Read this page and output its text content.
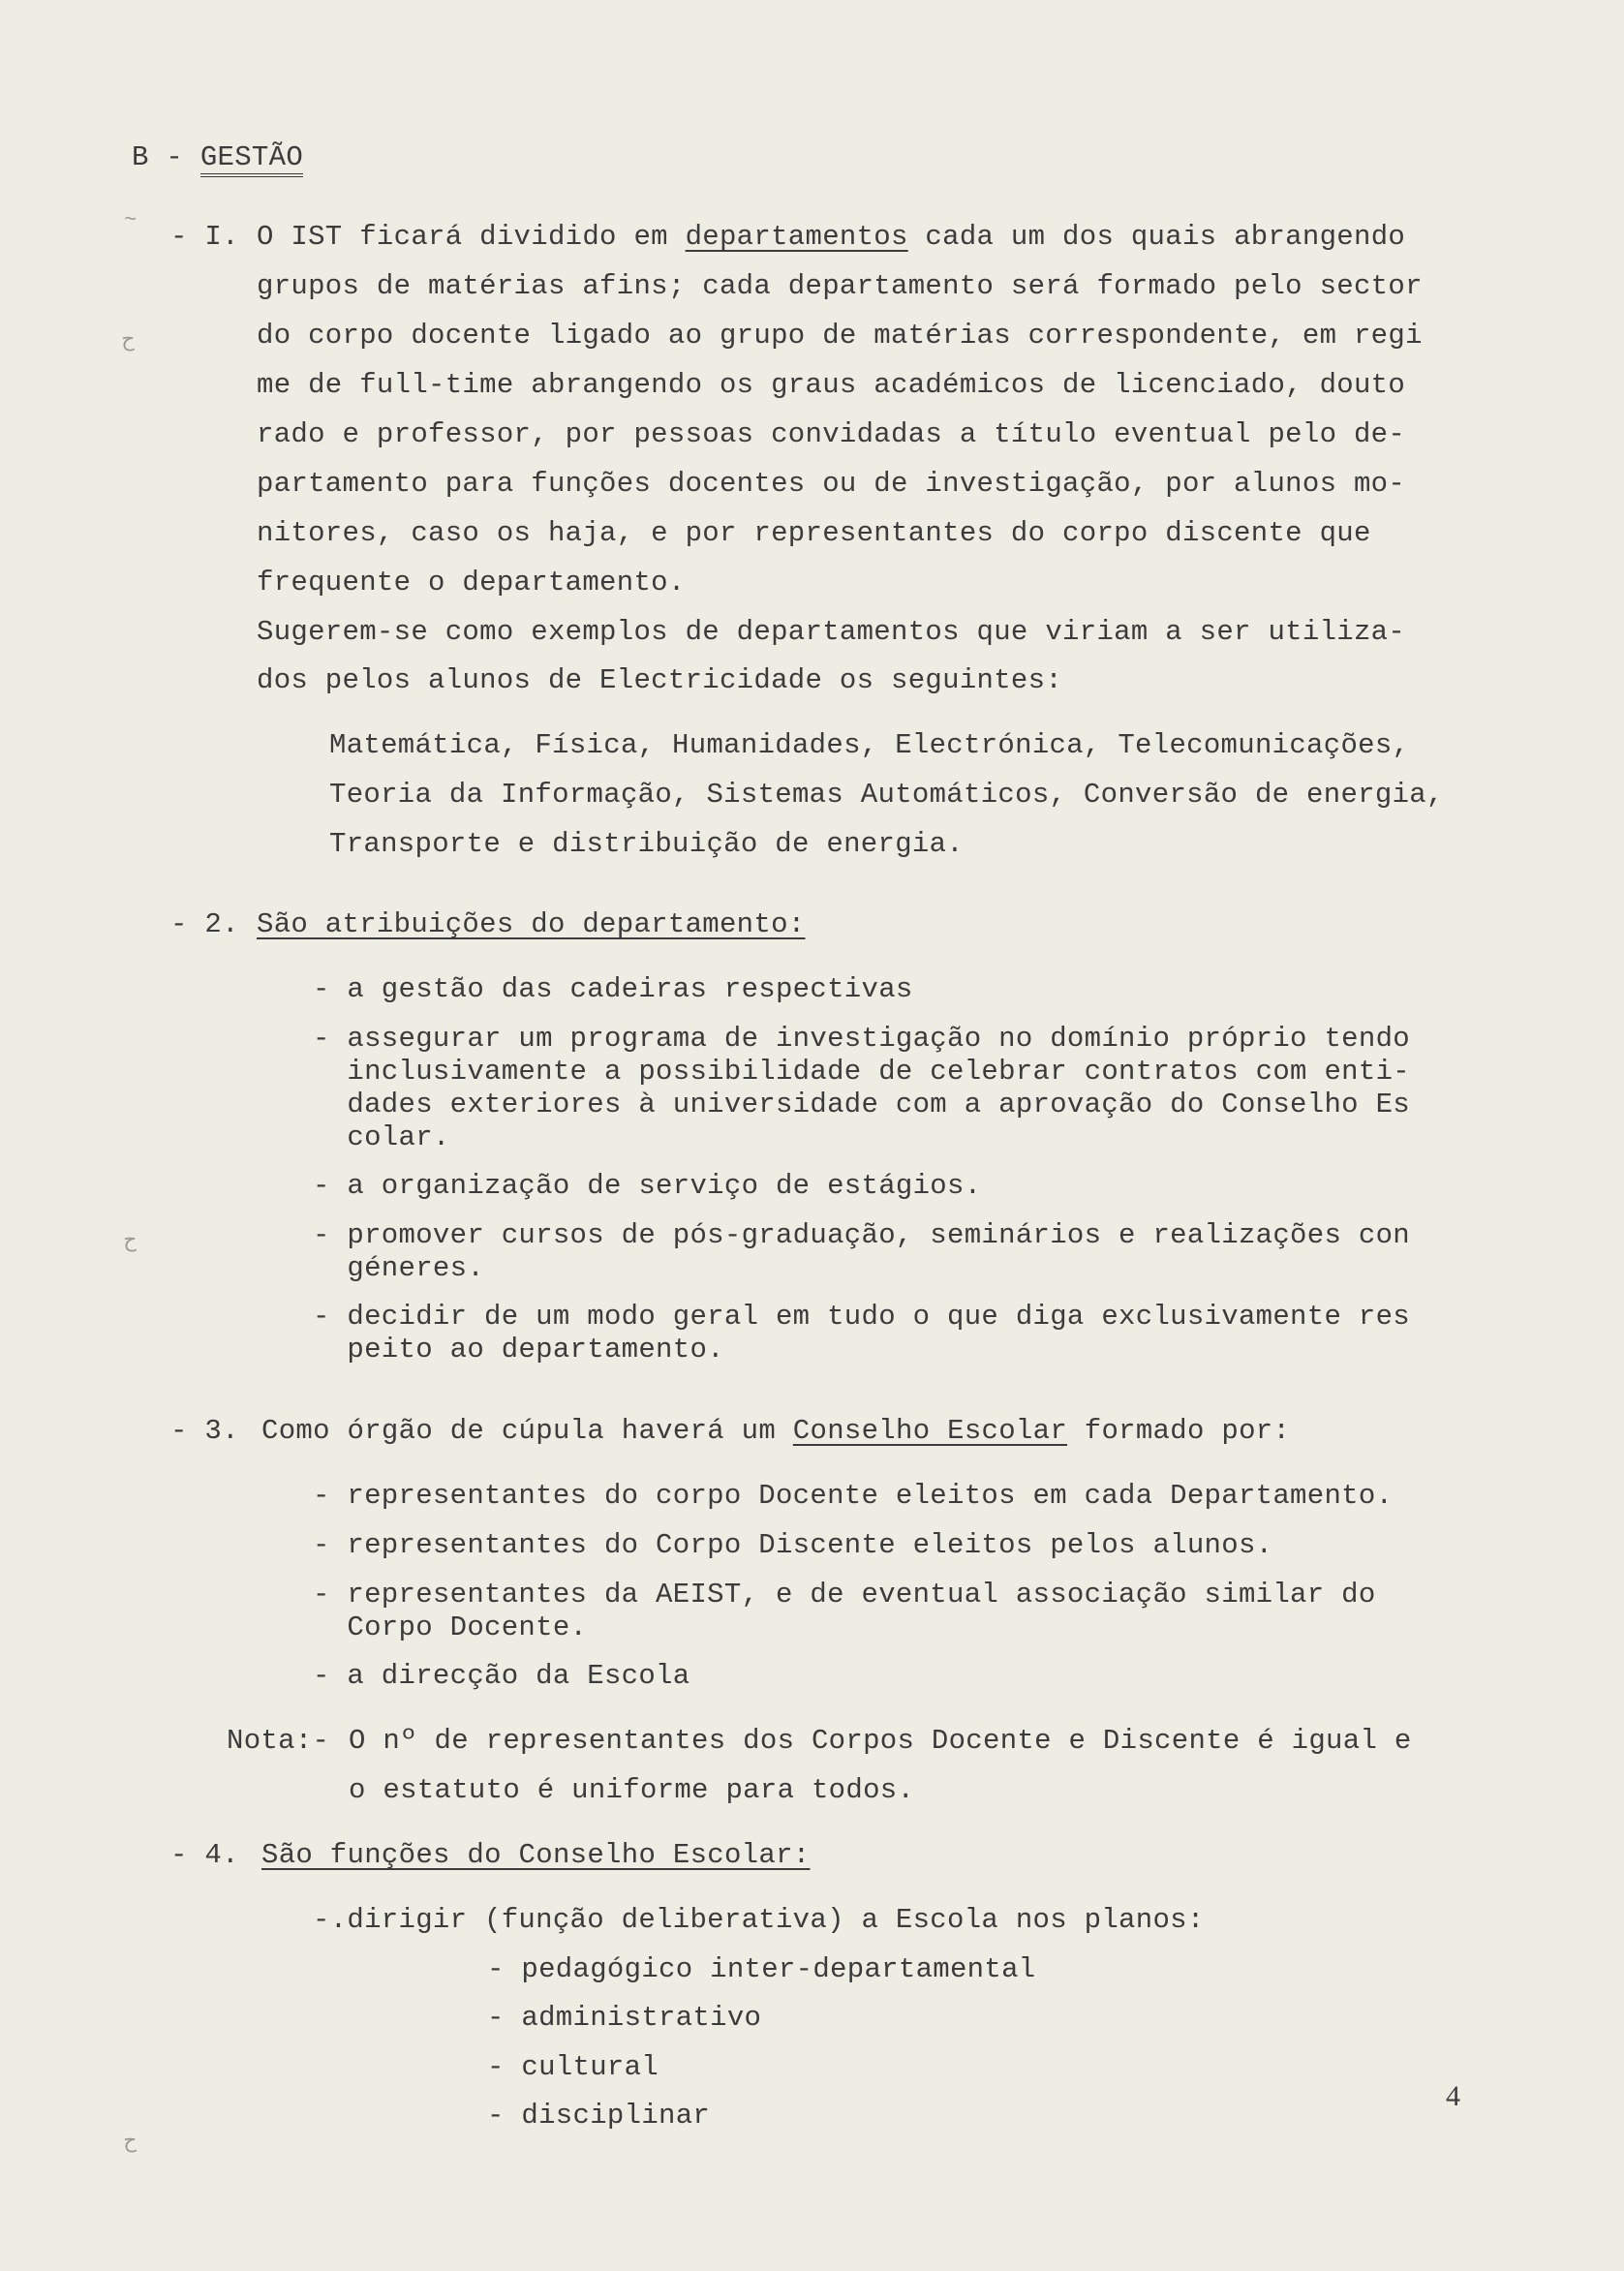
~
ح
ح
ح
B - GESTÃO
- I. O IST ficará dividido em departamentos cada um dos quais abrangendo
grupos de matérias afins; cada departamento será formado pelo sector
do corpo docente ligado ao grupo de matérias correspondente, em regi
me de full-time abrangendo os graus académicos de licenciado, douto
rado e professor, por pessoas convidadas a título eventual pelo de-
partamento para funções docentes ou de investigação, por alunos mo-
nitores, caso os haja, e por representantes do corpo discente que
frequente o departamento.
Sugerem-se como exemplos de departamentos que viriam a ser utiliza-
dos pelos alunos de Electricidade os seguintes:
Matemática, Física, Humanidades, Electrónica, Telecomunicações,
Teoria da Informação, Sistemas Automáticos, Conversão de energia,
Transporte e distribuição de energia.
- 2. São atribuições do departamento:
- a gestão das cadeiras respectivas
- assegurar um programa de investigação no domínio próprio tendo
inclusivamente a possibilidade de celebrar contratos com enti-
dades exteriores à universidade com a aprovação do Conselho Es
colar.
- a organização de serviço de estágios.
- promover cursos de pós-graduação, seminários e realizações con
géneres.
- decidir de um modo geral em tudo o que diga exclusivamente res
peito ao departamento.
- 3. Como órgão de cúpula haverá um Conselho Escolar formado por:
- representantes do corpo Docente eleitos em cada Departamento.
- representantes do Corpo Discente eleitos pelos alunos.
- representantes da AEIST, e de eventual associação similar do
Corpo Docente.
- a direcção da Escola
Nota:- O nº de representantes dos Corpos Docente e Discente é igual e
o estatuto é uniforme para todos.
- 4. São funções do Conselho Escolar:
-.dirigir (função deliberativa) a Escola nos planos:
- pedagógico inter-departamental
- administrativo
- cultural
- disciplinar
4
